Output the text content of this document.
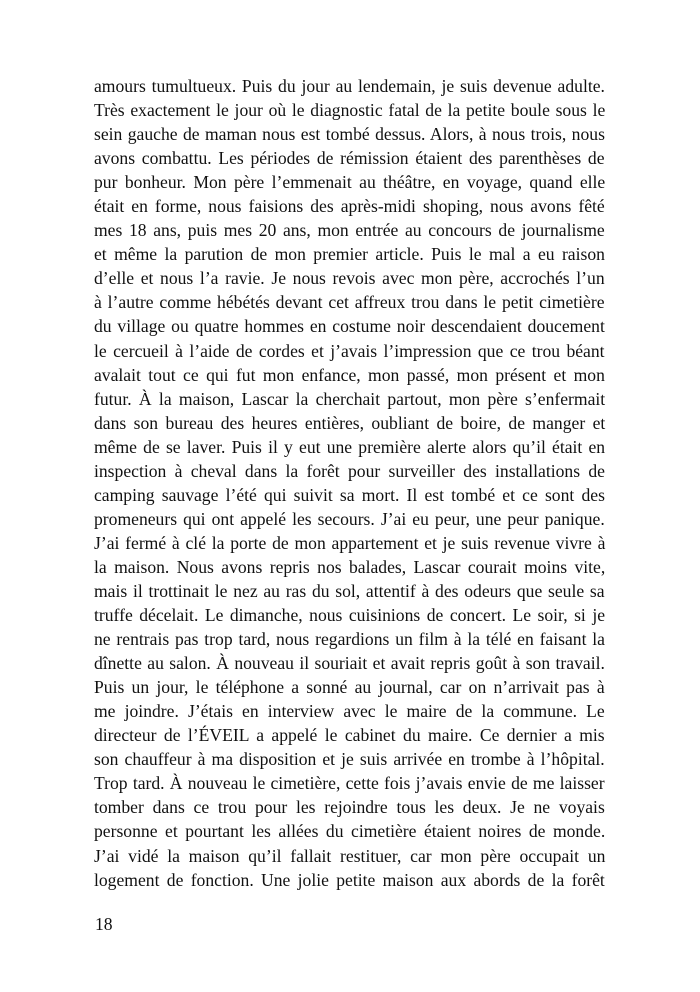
amours tumultueux. Puis du jour au lendemain, je suis devenue adulte.
Très exactement le jour où le diagnostic fatal de la petite boule sous le
sein gauche de maman nous est tombé dessus. Alors, à nous trois, nous
avons combattu. Les périodes de rémission étaient des parenthèses de
pur bonheur. Mon père l’emmenait au théâtre, en voyage, quand elle
était en forme, nous faisions des après-midi shoping, nous avons fêté
mes 18 ans, puis mes 20 ans, mon entrée au concours de journalisme
et même la parution de mon premier article. Puis le mal a eu raison
d’elle et nous l’a ravie. Je nous revois avec mon père, accrochés l’un
à l’autre comme hébétés devant cet affreux trou dans le petit cimetière
du village ou quatre hommes en costume noir descendaient doucement
le cercueil à l’aide de cordes et j’avais l’impression que ce trou béant
avalait tout ce qui fut mon enfance, mon passé, mon présent et mon
futur. À la maison, Lascar la cherchait partout, mon père s’enfermait
dans son bureau des heures entières, oubliant de boire, de manger et
même de se laver. Puis il y eut une première alerte alors qu’il était en
inspection à cheval dans la forêt pour surveiller des installations de
camping sauvage l’été qui suivit sa mort. Il est tombé et ce sont des
promeneurs qui ont appelé les secours. J’ai eu peur, une peur panique.
J’ai fermé à clé la porte de mon appartement et je suis revenue vivre à
la maison. Nous avons repris nos balades, Lascar courait moins vite,
mais il trottinait le nez au ras du sol, attentif à des odeurs que seule sa
truffe décelait. Le dimanche, nous cuisinions de concert. Le soir, si je
ne rentrais pas trop tard, nous regardions un film à la télé en faisant la
dînette au salon. À nouveau il souriait et avait repris goût à son travail.
Puis un jour, le téléphone a sonné au journal, car on n’arrivait pas à
me joindre. J’étais en interview avec le maire de la commune. Le
directeur de l’ÉVEIL a appelé le cabinet du maire. Ce dernier a mis
son chauffeur à ma disposition et je suis arrivée en trombe à l’hôpital.
Trop tard. À nouveau le cimetière, cette fois j’avais envie de me laisser
tomber dans ce trou pour les rejoindre tous les deux. Je ne voyais
personne et pourtant les allées du cimetière étaient noires de monde.
J’ai vidé la maison qu’il fallait restituer, car mon père occupait un
logement de fonction. Une jolie petite maison aux abords de la forêt
18
